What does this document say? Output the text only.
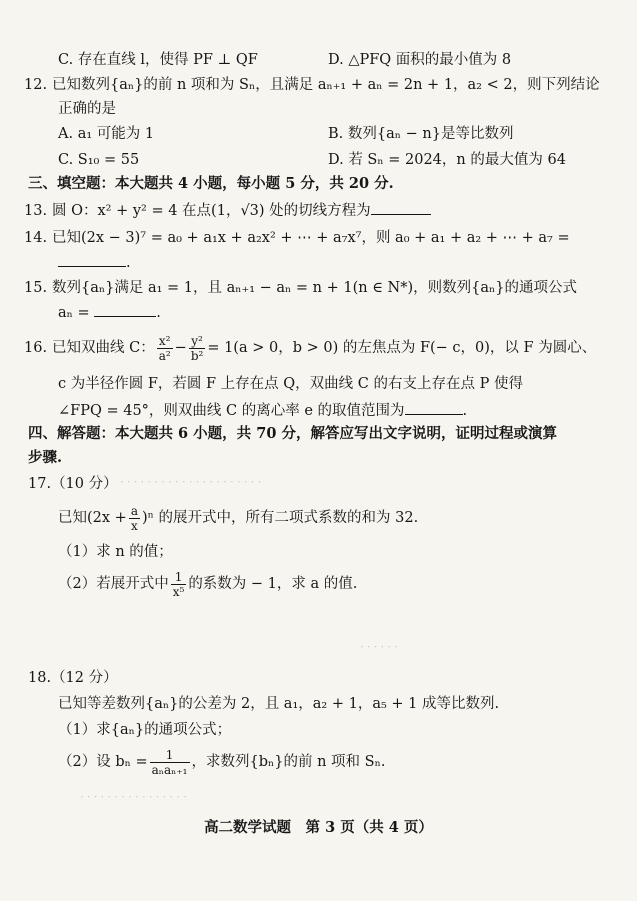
ᐧ ᐧ ᐧ ᐧ ᐧ ᐧ ᐧ ᐧ ᐧ ᐧ ᐧ ᐧ ᐧ ᐧ ᐧ ᐧ ᐧ ᐧ ᐧ ᐧ ᐧ
ᐧ ᐧ ᐧ ᐧ ᐧ ᐧ
ᐧ ᐧ ᐧ ᐧ ᐧ ᐧ ᐧ ᐧ ᐧ ᐧ ᐧ ᐧ ᐧ ᐧ ᐧ ᐧ
C. 存在直线 l，使得 PF ⊥ QF	D. △PFQ 面积的最小值为 8
12. 已知数列{aₙ}的前 n 项和为 Sₙ，且满足 aₙ₊₁ + aₙ = 2n + 1，a₂ < 2，则下列结论
正确的是
A. a₁ 可能为 1	B. 数列{aₙ − n}是等比数列
C. S₁₀ = 55	D. 若 Sₙ = 2024，n 的最大值为 64
三、填空题：本大题共 4 小题，每小题 5 分，共 20 分.
13. 圆 O：x² + y² = 4 在点(1，√3) 处的切线方程为
14. 已知(2x − 3)⁷ = a₀ + a₁x + a₂x² + ⋯ + a₇x⁷，则 a₀ + a₁ + a₂ + ⋯ + a₇ =
.
15. 数列{aₙ}满足 a₁ = 1，且 aₙ₊₁ − aₙ = n + 1(n ∈ N*)，则数列{aₙ}的通项公式
aₙ =	.
16. 已知双曲线 C： $\frac{\text{x²}}{\text{a²}} - \frac{\text{y²}}{\text{b²}} = 1(a > 0$，b > 0) 的左焦点为 F(− c，0)，以 F 为圆心、
c 为半径作圆 F，若圆 F 上存在点 Q，双曲线 C 的右支上存在点 P 使得
∠FPQ = 45°，则双曲线 C 的离心率 e 的取值范围为	.
四、解答题：本大题共 6 小题，共 70 分，解答应写出文字说明，证明过程或演算
步骤.
17.（10 分）
已知$(2x + \frac{a}{x} )^n$ 的展开式中，所有二项式系数的和为 32.
（1）求 n 的值；
（2）若展开式中 $\frac{1}{\text{x⁵}}$ 的系数为 − 1，求 a 的值.
18.（12 分）
已知等差数列{aₙ}的公差为 2，且 a₁，a₂ + 1，a₅ + 1 成等比数列.
（1）求{aₙ}的通项公式；
（2）设 $b_n = \frac{1}{\text{aₙaₙ₊₁}}$ ，求数列{bₙ}的前 n 项和 Sₙ.
高二数学试题　第 3 页（共 4 页）
